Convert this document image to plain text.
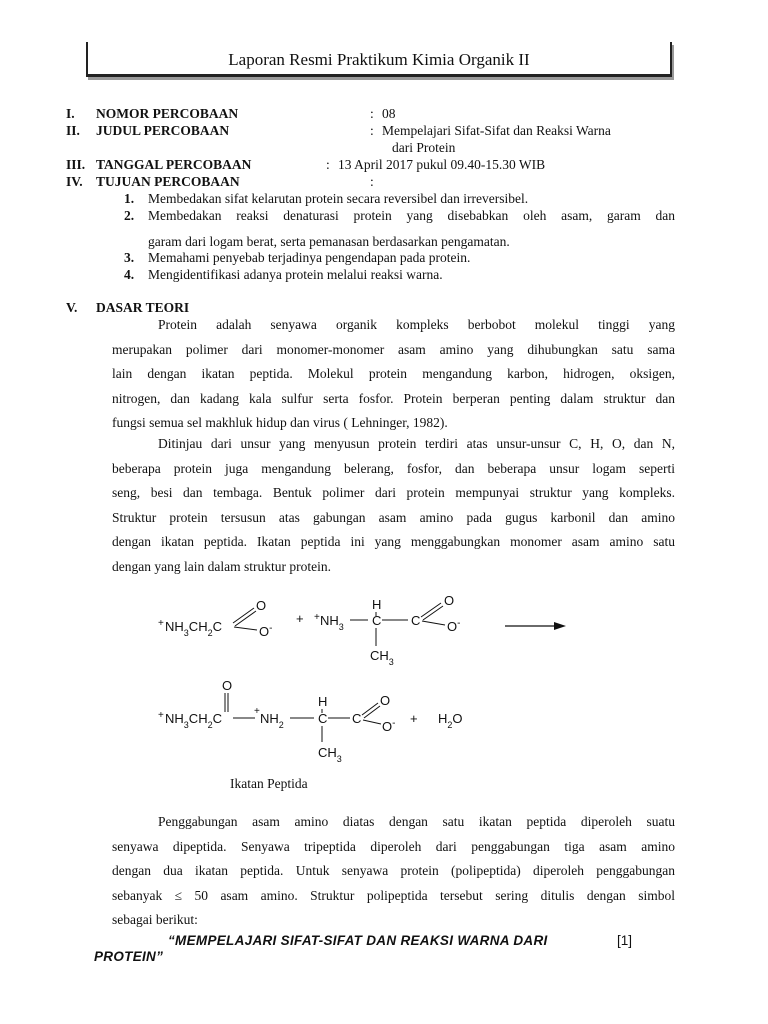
Laporan Resmi Praktikum Kimia Organik II
I. NOMOR PERCOBAAN	: 08
II. JUDUL PERCOBAAN	: Mempelajari Sifat-Sifat dan Reaksi Warna
dari Protein
III. TANGGAL PERCOBAAN	: 13 April 2017 pukul 09.40-15.30 WIB
IV. TUJUAN PERCOBAAN	:
1. Membedakan sifat kelarutan protein secara reversibel dan irreversibel.
2. Membedakan reaksi denaturasi protein yang disebabkan oleh asam, garam dan
garam dari logam berat, serta pemanasan berdasarkan pengamatan.
3. Memahami penyebab terjadinya pengendapan pada protein.
4. Mengidentifikasi adanya protein melalui reaksi warna.
V. DASAR TEORI
Protein adalah senyawa organik kompleks berbobot molekul tinggi yang
merupakan polimer dari monomer-monomer asam amino yang dihubungkan satu sama
lain dengan ikatan peptida. Molekul protein mengandung karbon, hidrogen, oksigen,
nitrogen, dan kadang kala sulfur serta fosfor. Protein berperan penting dalam struktur dan
fungsi semua sel makhluk hidup dan virus ( Lehninger, 1982).
Ditinjau dari unsur yang menyusun protein terdiri atas unsur-unsur C, H, O, dan N,
beberapa protein juga mengandung belerang, fosfor, dan beberapa unsur logam seperti
seng, besi dan tembaga. Bentuk polimer dari protein mempunyai struktur yang kompleks.
Struktur protein tersusun atas gabungan asam amino pada gugus karbonil dan amino
dengan ikatan peptida. Ikatan peptida ini yang menggabungkan monomer asam amino satu
dengan yang lain dalam struktur protein.
+ $NH_3CH_2C$
O
O-
+ + $NH_3$
H
C C
O
O-
$CH_3$
O
+ $NH_3CH_2C$	+ $NH_2$
H
C C
O
O-
$CH_3$
+ $H_2O$
Ikatan Peptida
Penggabungan asam amino diatas dengan satu ikatan peptida diperoleh suatu
senyawa dipeptida. Senyawa tripeptida diperoleh dari penggabungan tiga asam amino
dengan dua ikatan peptida. Untuk senyawa protein (polipeptida) diperoleh penggabungan
sebanyak ≤ 50 asam amino. Struktur polipeptida tersebut sering ditulis dengan simbol
sebagai berikut:
“MEMPELAJARI SIFAT-SIFAT DAN REAKSI WARNA DARI	[1]
PROTEIN”
